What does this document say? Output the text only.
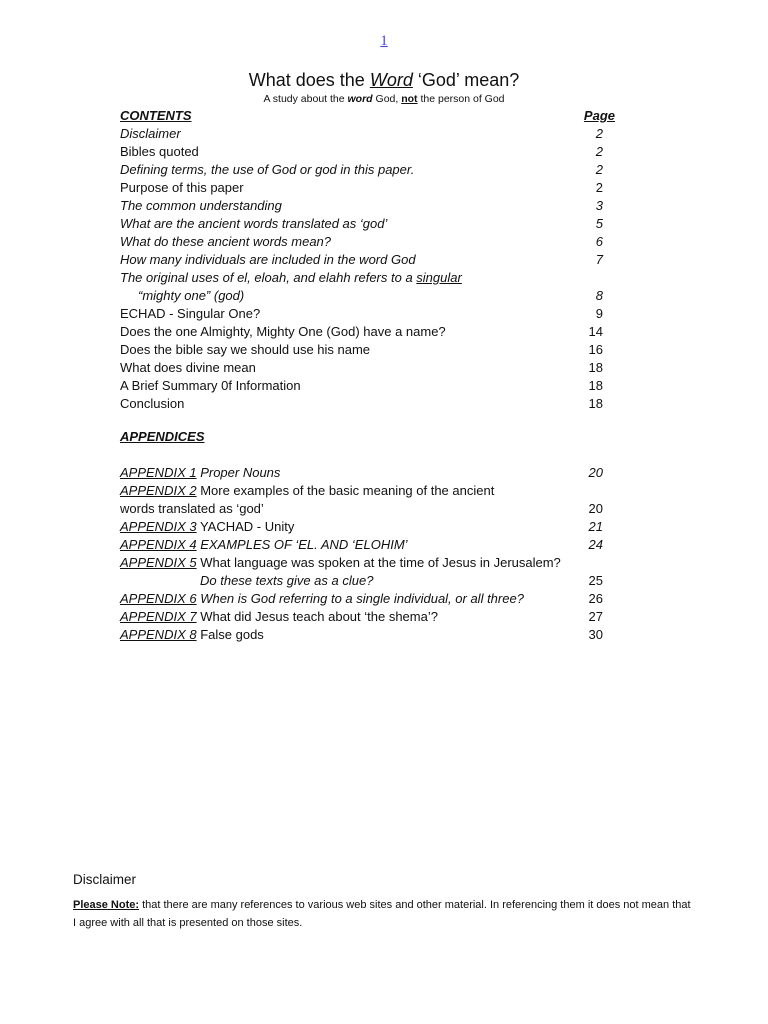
1
What does the Word ‘God’ mean?
A study about the word God, not the person of God
CONTENTS	Page
Disclaimer	2
Bibles quoted	2
Defining terms, the use of God or god in this paper.	2
Purpose of this paper	2
The common understanding	3
What are the ancient words translated as ‘god’	5
What do these ancient words mean?	6
How many individuals are included in the word God	7
The original uses of el, eloah, and elahh refers to a singular
“mighty one” (god)	8
ECHAD - Singular One?	9
Does the one Almighty, Mighty One (God) have a name?	14
Does the bible say we should use his name	16
What does divine mean	18
A Brief Summary 0f Information	18
Conclusion	18
APPENDICES
APPENDIX 1 Proper Nouns	20
APPENDIX 2 More examples of the basic meaning of the ancient
words translated as ‘god’	20
APPENDIX 3 YACHAD - Unity	21
APPENDIX 4 EXAMPLES OF ‘EL. AND ‘ELOHIM’	24
APPENDIX 5 What language was spoken at the time of Jesus in Jerusalem?
Do these texts give as a clue?	25
APPENDIX 6 When is God referring to a single individual, or all three?	26
APPENDIX 7 What did Jesus teach about ‘the shema’?	27
APPENDIX 8 False gods	30
Disclaimer
Please Note: that there are many references to various web sites and other material. In referencing them it does not mean that I agree with all that is presented on those sites.
